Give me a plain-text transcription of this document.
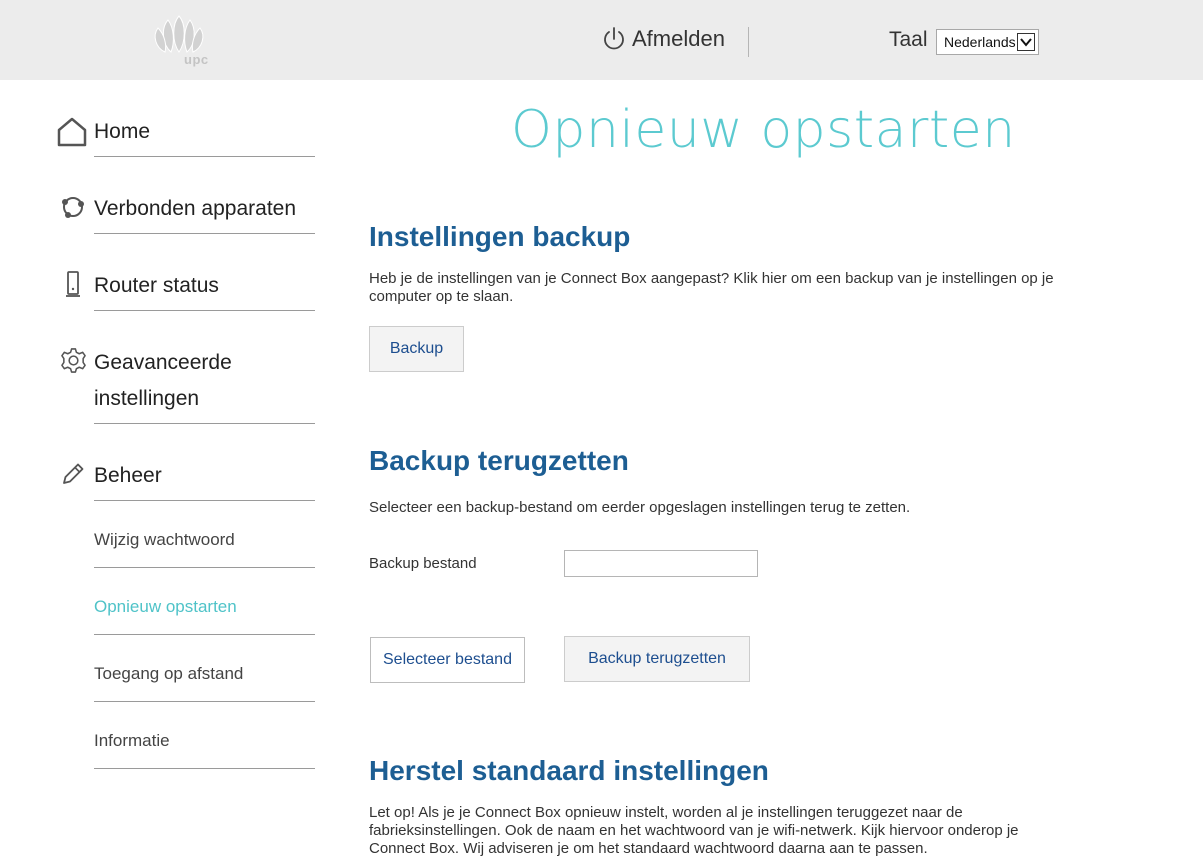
upc
Afmelden	Taal	Nederlands
Home
Verbonden apparaten
Router status
Geavanceerde
instellingen
Beheer
Wijzig wachtwoord
Opnieuw opstarten
Toegang op afstand
Informatie
Opnieuw opstarten
Instellingen backup

Heb je de instellingen van je Connect Box aangepast? Klik hier om een backup van je instellingen op je computer op te slaan.

Backup
Backup terugzetten

Selecteer een backup-bestand om eerder opgeslagen instellingen terug te zetten.

Backup bestand
Selecteer bestand	Backup terugzetten
Herstel standaard instellingen

Let op! Als je je Connect Box opnieuw instelt, worden al je instellingen teruggezet naar de fabrieksinstellingen. Ook de naam en het wachtwoord van je wifi-netwerk. Kijk hiervoor onderop je Connect Box. Wij adviseren je om het standaard wachtwoord daarna aan te passen.
